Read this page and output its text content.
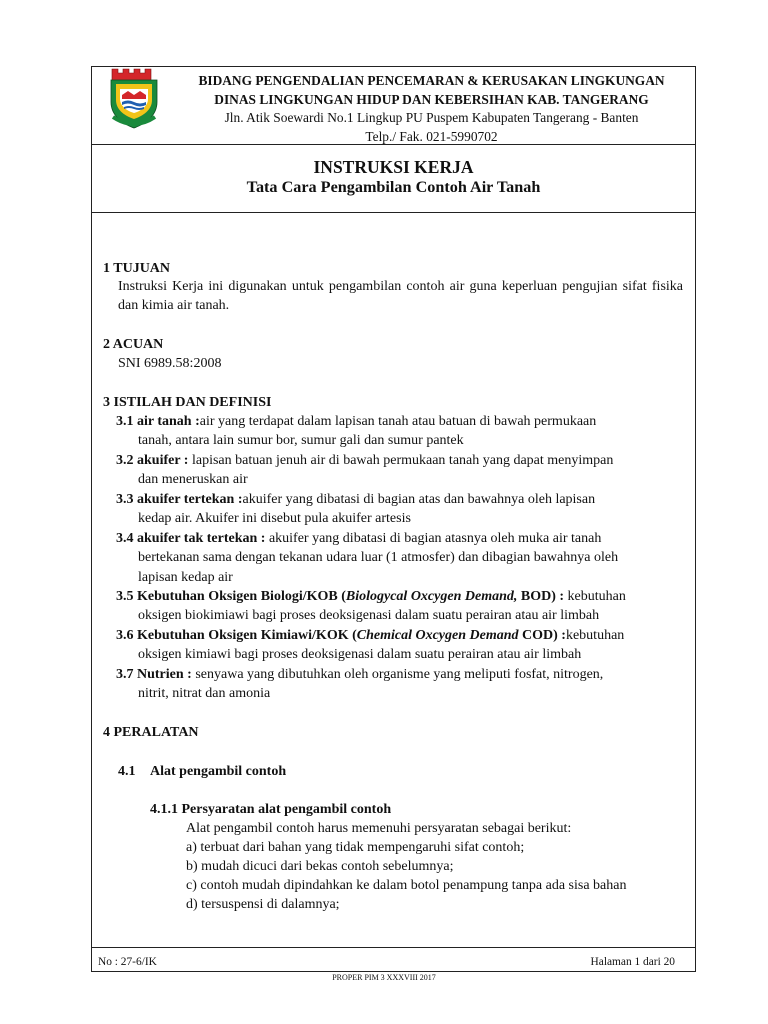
BIDANG PENGENDALIAN PENCEMARAN & KERUSAKAN LINGKUNGAN
DINAS LINGKUNGAN HIDUP DAN KEBERSIHAN KAB. TANGERANG
Jln. Atik Soewardi No.1 Lingkup PU Puspem Kabupaten Tangerang - Banten
Telp./ Fak. 021-5990702
INSTRUKSI KERJA
Tata Cara Pengambilan Contoh Air Tanah
1 TUJUAN
Instruksi Kerja ini digunakan untuk pengambilan contoh air guna keperluan pengujian sifat fisika dan kimia air tanah.
2 ACUAN
SNI 6989.58:2008
3 ISTILAH DAN DEFINISI
3.1 air tanah :air yang terdapat dalam lapisan tanah atau batuan di bawah permukaan
tanah, antara lain sumur bor, sumur gali dan sumur pantek
3.2 akuifer : lapisan batuan jenuh air di bawah permukaan tanah yang dapat menyimpan
dan meneruskan air
3.3 akuifer tertekan :akuifer yang dibatasi di bagian atas dan bawahnya oleh lapisan
kedap air. Akuifer ini disebut pula akuifer artesis
3.4 akuifer tak tertekan : akuifer yang dibatasi di bagian atasnya oleh muka air tanah
bertekanan sama dengan tekanan udara luar (1 atmosfer) dan dibagian bawahnya oleh
lapisan kedap air
3.5 Kebutuhan Oksigen Biologi/KOB (Biologycal Oxcygen Demand, BOD) : kebutuhan
oksigen biokimiawi bagi proses deoksigenasi dalam suatu perairan atau air limbah
3.6 Kebutuhan Oksigen Kimiawi/KOK (Chemical Oxcygen Demand COD) :kebutuhan
oksigen kimiawi bagi proses deoksigenasi dalam suatu perairan atau air limbah
3.7 Nutrien : senyawa yang dibutuhkan oleh organisme yang meliputi fosfat, nitrogen,
nitrit, nitrat dan amonia
4 PERALATAN
4.1 Alat pengambil contoh
4.1.1 Persyaratan alat pengambil contoh
Alat pengambil contoh harus memenuhi persyaratan sebagai berikut:
a) terbuat dari bahan yang tidak mempengaruhi sifat contoh;
b) mudah dicuci dari bekas contoh sebelumnya;
c) contoh mudah dipindahkan ke dalam botol penampung tanpa ada sisa bahan
d) tersuspensi di dalamnya;
No : 27-6/IK	Halaman 1 dari 20
PROPER PIM 3 XXXVIII 2017
